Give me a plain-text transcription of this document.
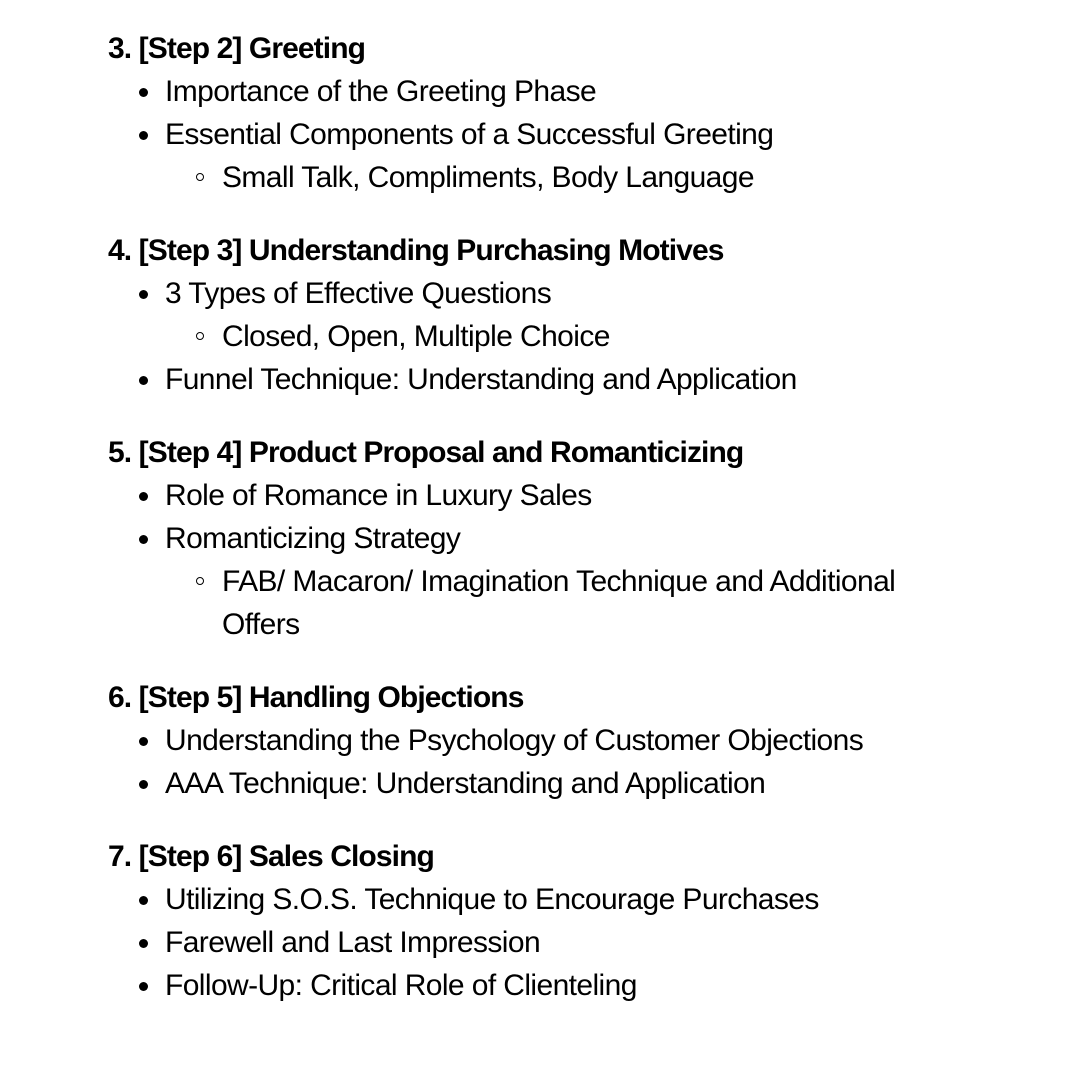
3. [Step 2] Greeting
Importance of the Greeting Phase
Essential Components of a Successful Greeting
Small Talk, Compliments, Body Language
4. [Step 3] Understanding Purchasing Motives
3 Types of Effective Questions
Closed, Open, Multiple Choice
Funnel Technique: Understanding and Application
5. [Step 4] Product Proposal and Romanticizing
Role of Romance in Luxury Sales
Romanticizing Strategy
FAB/ Macaron/ Imagination Technique and Additional Offers
6. [Step 5] Handling Objections
Understanding the Psychology of Customer Objections
AAA Technique: Understanding and Application
7. [Step 6] Sales Closing
Utilizing S.O.S. Technique to Encourage Purchases
Farewell and Last Impression
Follow-Up: Critical Role of Clienteling
